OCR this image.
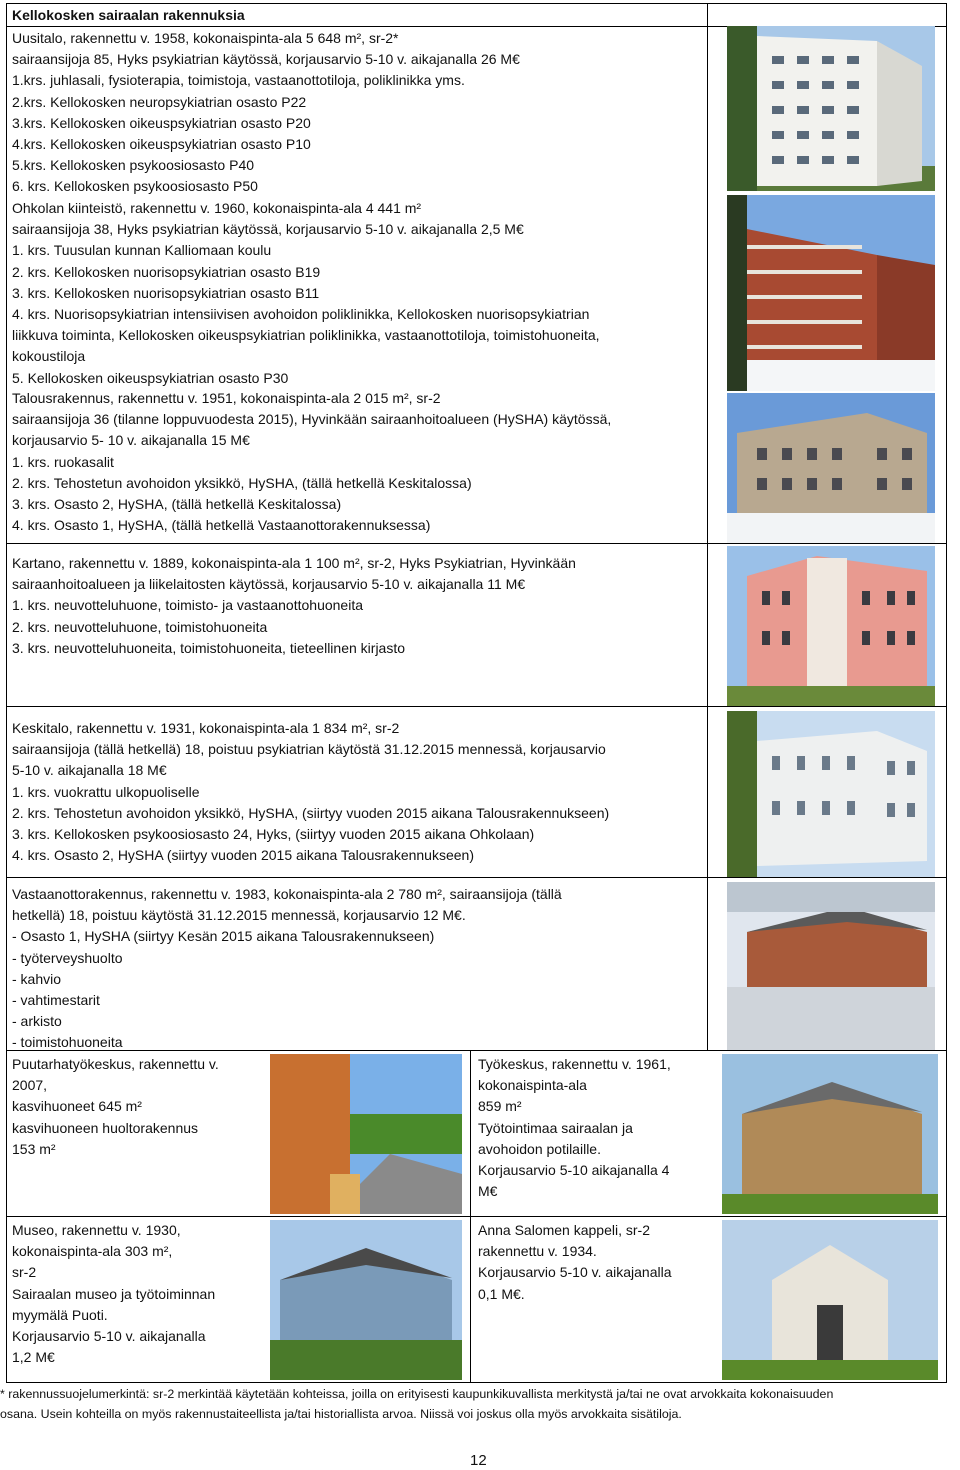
Kellokosken sairaalan rakennuksia
Uusitalo, rakennettu v. 1958, kokonaispinta-ala 5 648 m², sr-2*
sairaansijoja 85, Hyks psykiatrian käytössä, korjausarvio 5-10 v. aikajanalla 26 M€
1.krs. juhlasali, fysioterapia, toimistoja, vastaanottotiloja, poliklinikka yms.
2.krs. Kellokosken neuropsykiatrian osasto P22
3.krs. Kellokosken oikeuspsykiatrian osasto P20
4.krs. Kellokosken oikeuspsykiatrian osasto P10
5.krs. Kellokosken psykoosiosasto P40
6. krs. Kellokosken psykoosiosasto P50
Ohkolan kiinteistö, rakennettu v. 1960, kokonaispinta-ala 4 441 m²
sairaansijoja 38, Hyks psykiatrian käytössä, korjausarvio 5-10 v. aikajanalla 2,5 M€
1. krs. Tuusulan kunnan Kalliomaan koulu
2. krs. Kellokosken nuorisopsykiatrian osasto B19
3. krs. Kellokosken nuorisopsykiatrian osasto B11
4. krs. Nuorisopsykiatrian intensiivisen avohoidon poliklinikka, Kellokosken nuorisopsykiatrian
liikkuva toiminta, Kellokosken oikeuspsykiatrian poliklinikka, vastaanottotiloja, toimistohuoneita,
kokoustiloja
5. Kellokosken oikeuspsykiatrian osasto P30
Talousrakennus, rakennettu v. 1951, kokonaispinta-ala 2 015 m², sr-2
sairaansijoja 36 (tilanne loppuvuodesta 2015), Hyvinkään sairaanhoitoalueen (HySHA) käytössä,
korjausarvio 5- 10 v. aikajanalla 15 M€
1. krs. ruokasalit
2. krs. Tehostetun avohoidon yksikkö, HySHA, (tällä hetkellä Keskitalossa)
3. krs. Osasto 2, HySHA, (tällä hetkellä Keskitalossa)
4. krs. Osasto 1, HySHA, (tällä hetkellä Vastaanottorakennuksessa)
Kartano, rakennettu v. 1889, kokonaispinta-ala 1 100 m², sr-2, Hyks Psykiatrian, Hyvinkään
sairaanhoitoalueen ja liikelaitosten käytössä, korjausarvio 5-10 v. aikajanalla 11 M€
1. krs. neuvotteluhuone, toimisto- ja vastaanottohuoneita
2. krs. neuvotteluhuone, toimistohuoneita
3. krs. neuvotteluhuoneita, toimistohuoneita, tieteellinen kirjasto
Keskitalo, rakennettu v. 1931, kokonaispinta-ala 1 834 m², sr-2
sairaansijoja (tällä hetkellä) 18, poistuu psykiatrian käytöstä 31.12.2015 mennessä, korjausarvio
5-10 v. aikajanalla 18 M€
1. krs. vuokrattu ulkopuoliselle
2. krs. Tehostetun avohoidon yksikkö, HySHA, (siirtyy vuoden 2015 aikana Talousrakennukseen)
3. krs. Kellokosken psykoosiosasto 24, Hyks, (siirtyy vuoden 2015 aikana Ohkolaan)
4. krs. Osasto 2, HySHA (siirtyy vuoden 2015 aikana Talousrakennukseen)
Vastaanottorakennus, rakennettu v. 1983, kokonaispinta-ala 2 780 m², sairaansijoja (tällä
hetkellä) 18, poistuu käytöstä 31.12.2015 mennessä, korjausarvio 12 M€.
- Osasto 1, HySHA (siirtyy Kesän 2015 aikana Talousrakennukseen)
- työterveyshuolto
- kahvio
- vahtimestarit
- arkisto
- toimistohuoneita
Puutarhatyökeskus, rakennettu v.
2007,
kasvihuoneet 645 m²
kasvihuoneen huoltorakennus
153 m²
Työkeskus, rakennettu v. 1961,
kokonaispinta-ala
859 m²
Työtointimaa sairaalan ja
avohoidon potilaille.
Korjausarvio 5-10 aikajanalla 4
M€
Museo, rakennettu v. 1930,
kokonaispinta-ala 303 m²,
sr-2
Sairaalan museo ja työtoiminnan
myymälä Puoti.
Korjausarvio 5-10 v. aikajanalla
1,2 M€
Anna Salomen kappeli, sr-2
rakennettu v. 1934.
Korjausarvio 5-10 v. aikajanalla
0,1 M€.
* rakennussuojelumerkintä: sr-2 merkintää käytetään kohteissa, joilla on erityisesti kaupunkikuvallista merkitystä ja/tai ne ovat arvokkaita kokonaisuuden
osana. Usein kohteilla on myös rakennustaiteellista ja/tai historiallista arvoa. Niissä voi joskus olla myös arvokkaita sisätiloja.
12
